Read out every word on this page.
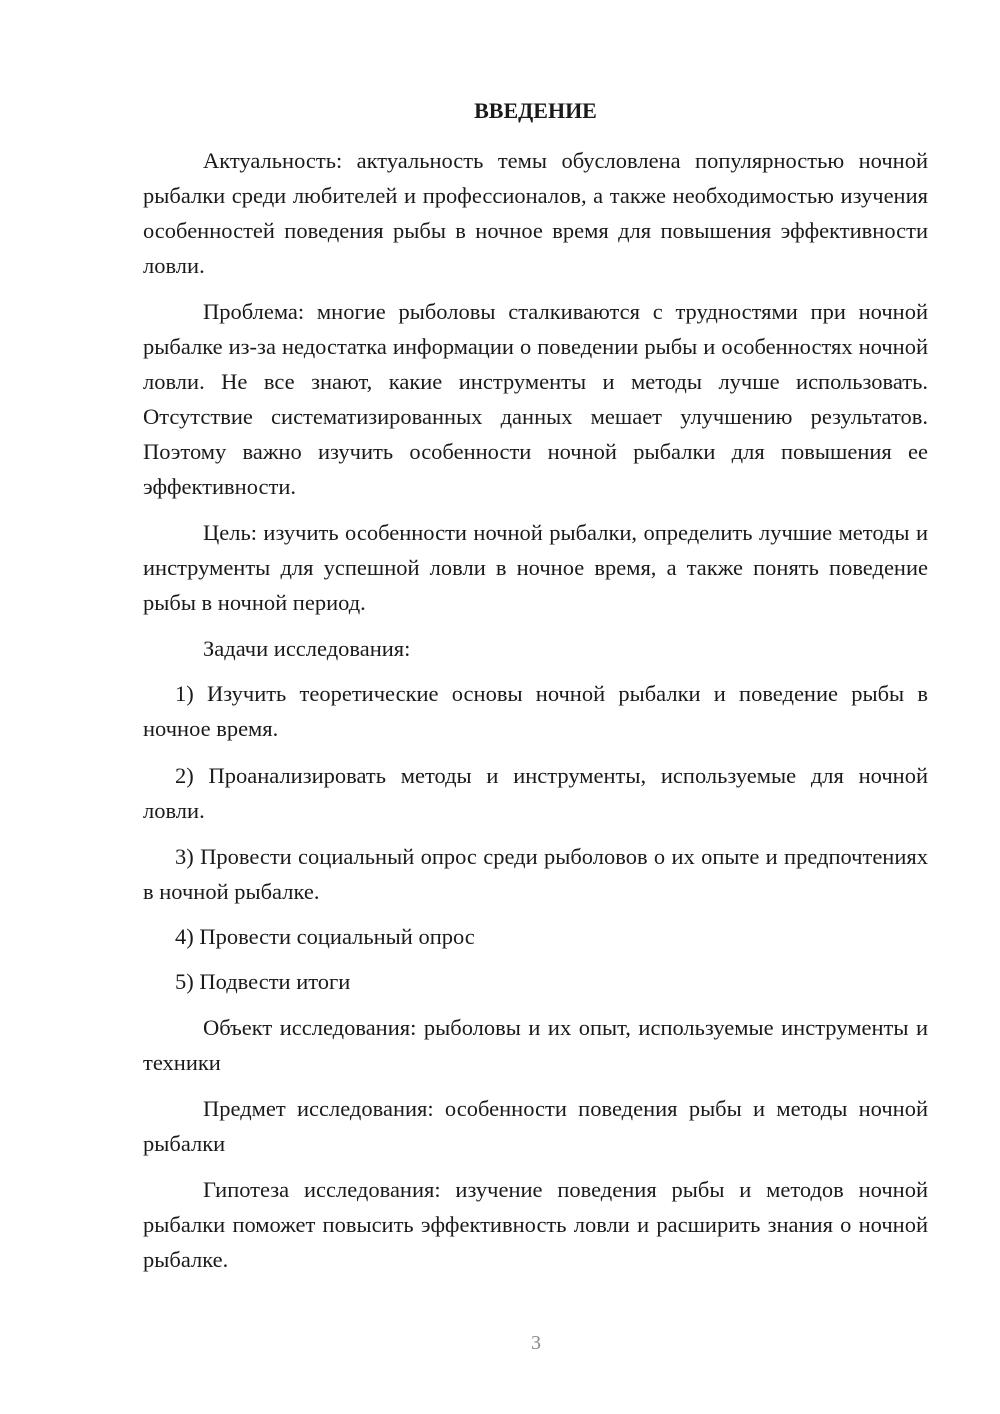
ВВЕДЕНИЕ

Актуальность: актуальность темы обусловлена популярностью ночной рыбалки среди любителей и профессионалов, а также необходимостью изучения особенностей поведения рыбы в ночное время для повышения эффективности ловли.

Проблема: многие рыболовы сталкиваются с трудностями при ночной рыбалке из-за недостатка информации о поведении рыбы и особенностях ночной ловли. Не все знают, какие инструменты и методы лучше использовать. Отсутствие систематизированных данных мешает улучшению результатов. Поэтому важно изучить особенности ночной рыбалки для повышения ее эффективности.

Цель: изучить особенности ночной рыбалки, определить лучшие методы и инструменты для успешной ловли в ночное время, а также понять поведение рыбы в ночной период.

Задачи исследования:

1) Изучить теоретические основы ночной рыбалки и поведение рыбы в ночное время.

2) Проанализировать методы и инструменты, используемые для ночной ловли.

3) Провести социальный опрос среди рыболовов о их опыте и предпочтениях в ночной рыбалке.

4) Провести социальный опрос

5) Подвести итоги

Объект исследования: рыболовы и их опыт, используемые инструменты и техники

Предмет исследования: особенности поведения рыбы и методы ночной рыбалки

Гипотеза исследования: изучение поведения рыбы и методов ночной рыбалки поможет повысить эффективность ловли и расширить знания о ночной рыбалке.

3
